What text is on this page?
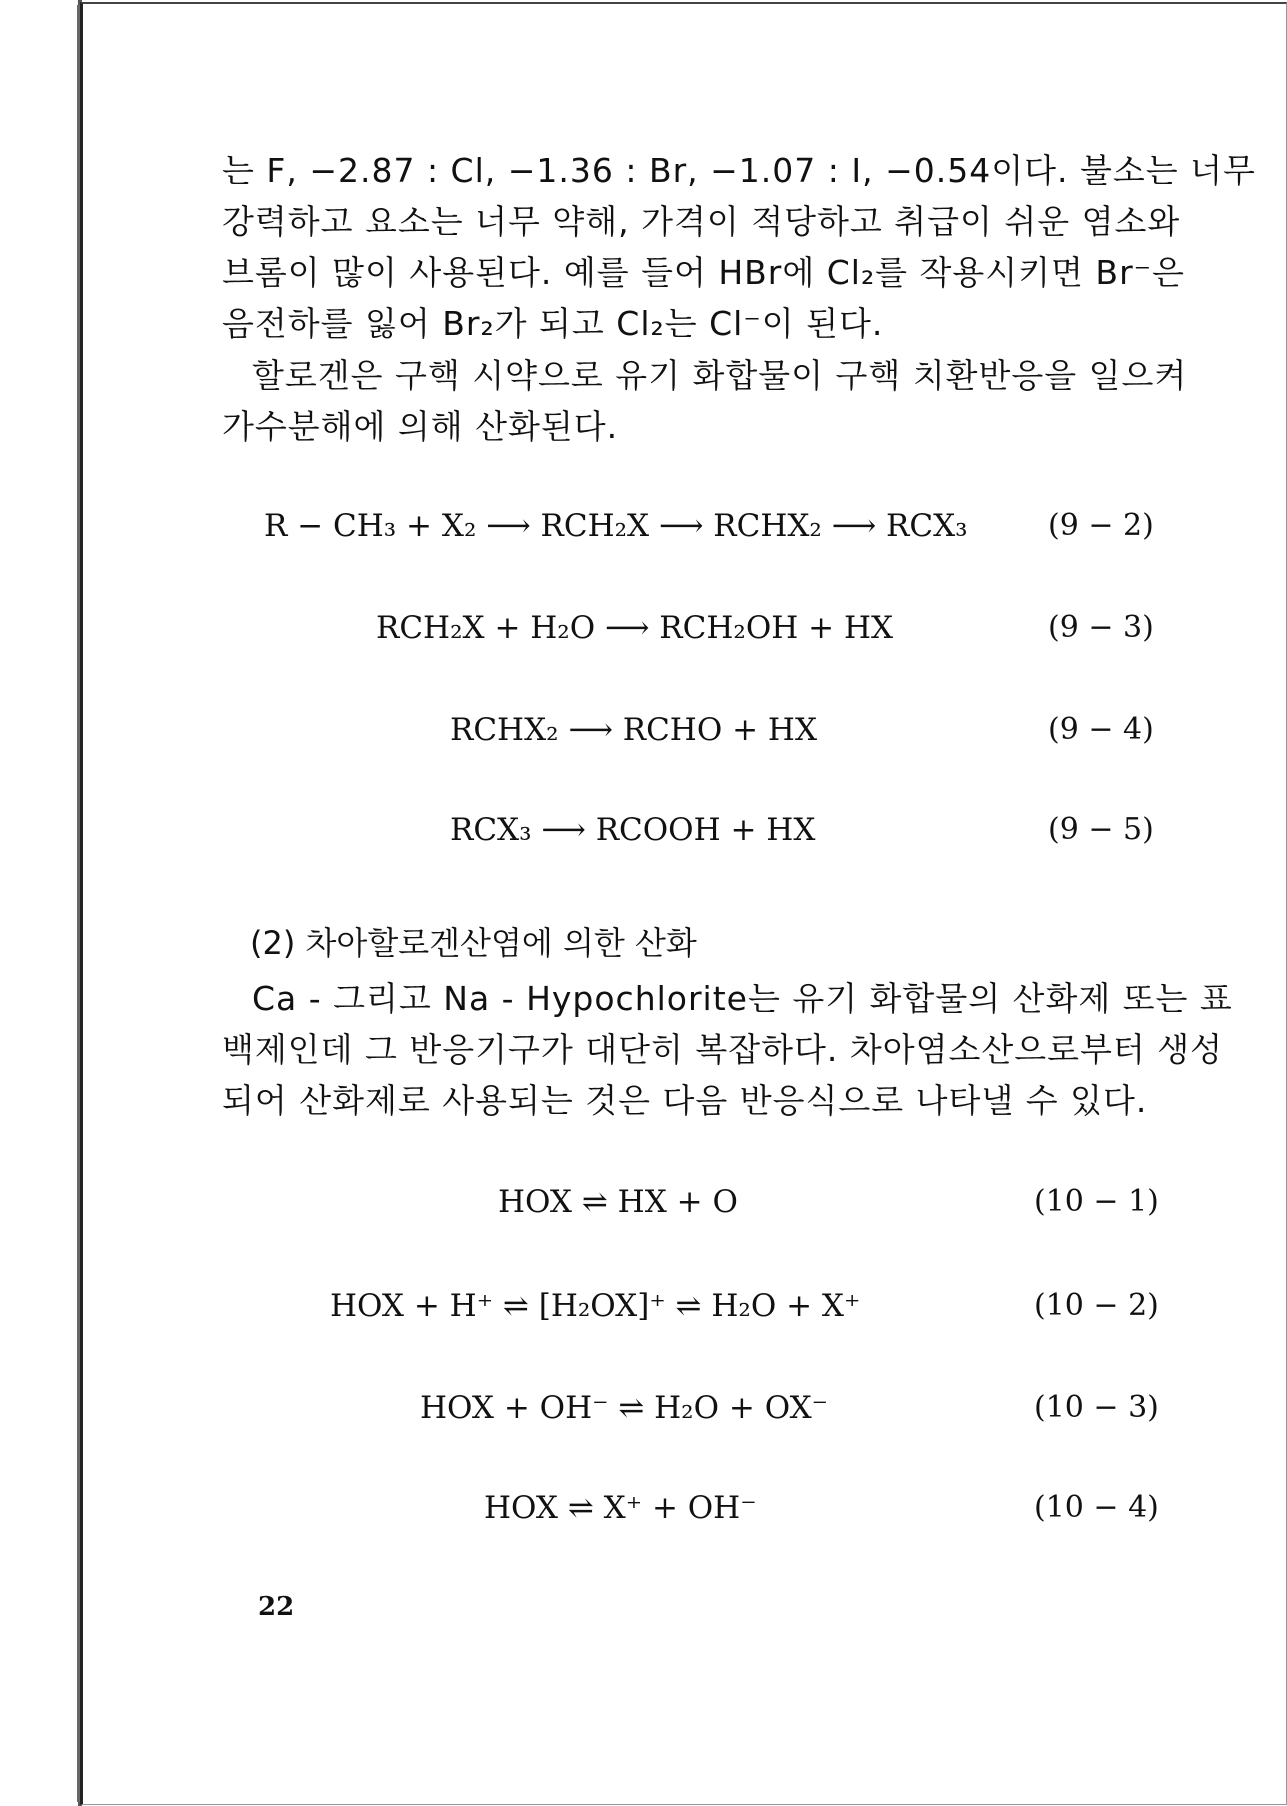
는 F, −2.87 : Cl, −1.36 : Br, −1.07 : I, −0.54이다. 불소는 너무
강력하고 요소는 너무 약해, 가격이 적당하고 취급이 쉬운 염소와
브롬이 많이 사용된다. 예를 들어 HBr에 Cl₂를 작용시키면 Br⁻은
음전하를 잃어 Br₂가 되고 Cl₂는 Cl⁻이 된다.
할로겐은 구핵 시약으로 유기 화합물이 구핵 치환반응을 일으켜
가수분해에 의해 산화된다.
R − CH₃ + X₂ ⟶ RCH₂X ⟶ RCHX₂ ⟶ RCX₃	(9 − 2)
RCH₂X + H₂O ⟶ RCH₂OH + HX	(9 − 3)
RCHX₂ ⟶ RCHO + HX	(9 − 4)
RCX₃ ⟶ RCOOH + HX	(9 − 5)
(2) 차아할로겐산염에 의한 산화
Ca - 그리고 Na - Hypochlorite는 유기 화합물의 산화제 또는 표
백제인데 그 반응기구가 대단히 복잡하다. 차아염소산으로부터 생성
되어 산화제로 사용되는 것은 다음 반응식으로 나타낼 수 있다.
HOX ⇌ HX + O	(10 − 1)
HOX + H⁺ ⇌ [H₂OX]⁺ ⇌ H₂O + X⁺	(10 − 2)
HOX + OH⁻ ⇌ H₂O + OX⁻	(10 − 3)
HOX ⇌ X⁺ + OH⁻	(10 − 4)
22
